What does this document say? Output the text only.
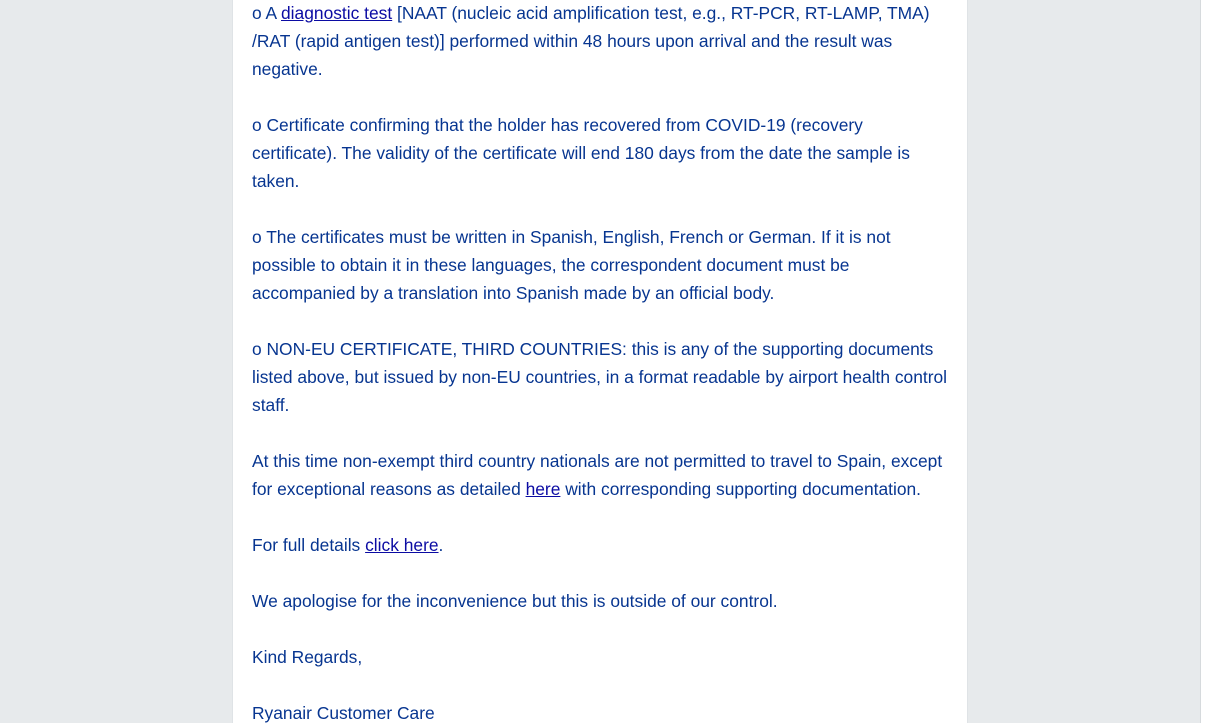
o A diagnostic test [NAAT (nucleic acid amplification test, e.g., RT-PCR, RT-LAMP, TMA) /RAT (rapid antigen test)] performed within 48 hours upon arrival and the result was negative.

o Certificate confirming that the holder has recovered from COVID-19 (recovery certificate). The validity of the certificate will end 180 days from the date the sample is taken.

o The certificates must be written in Spanish, English, French or German. If it is not possible to obtain it in these languages, the correspondent document must be accompanied by a translation into Spanish made by an official body.

o NON-EU CERTIFICATE, THIRD COUNTRIES: this is any of the supporting documents listed above, but issued by non-EU countries, in a format readable by airport health control staff.

At this time non-exempt third country nationals are not permitted to travel to Spain, except for exceptional reasons as detailed here with corresponding supporting documentation.

For full details click here.

We apologise for the inconvenience but this is outside of our control.

Kind Regards,

Ryanair Customer Care
